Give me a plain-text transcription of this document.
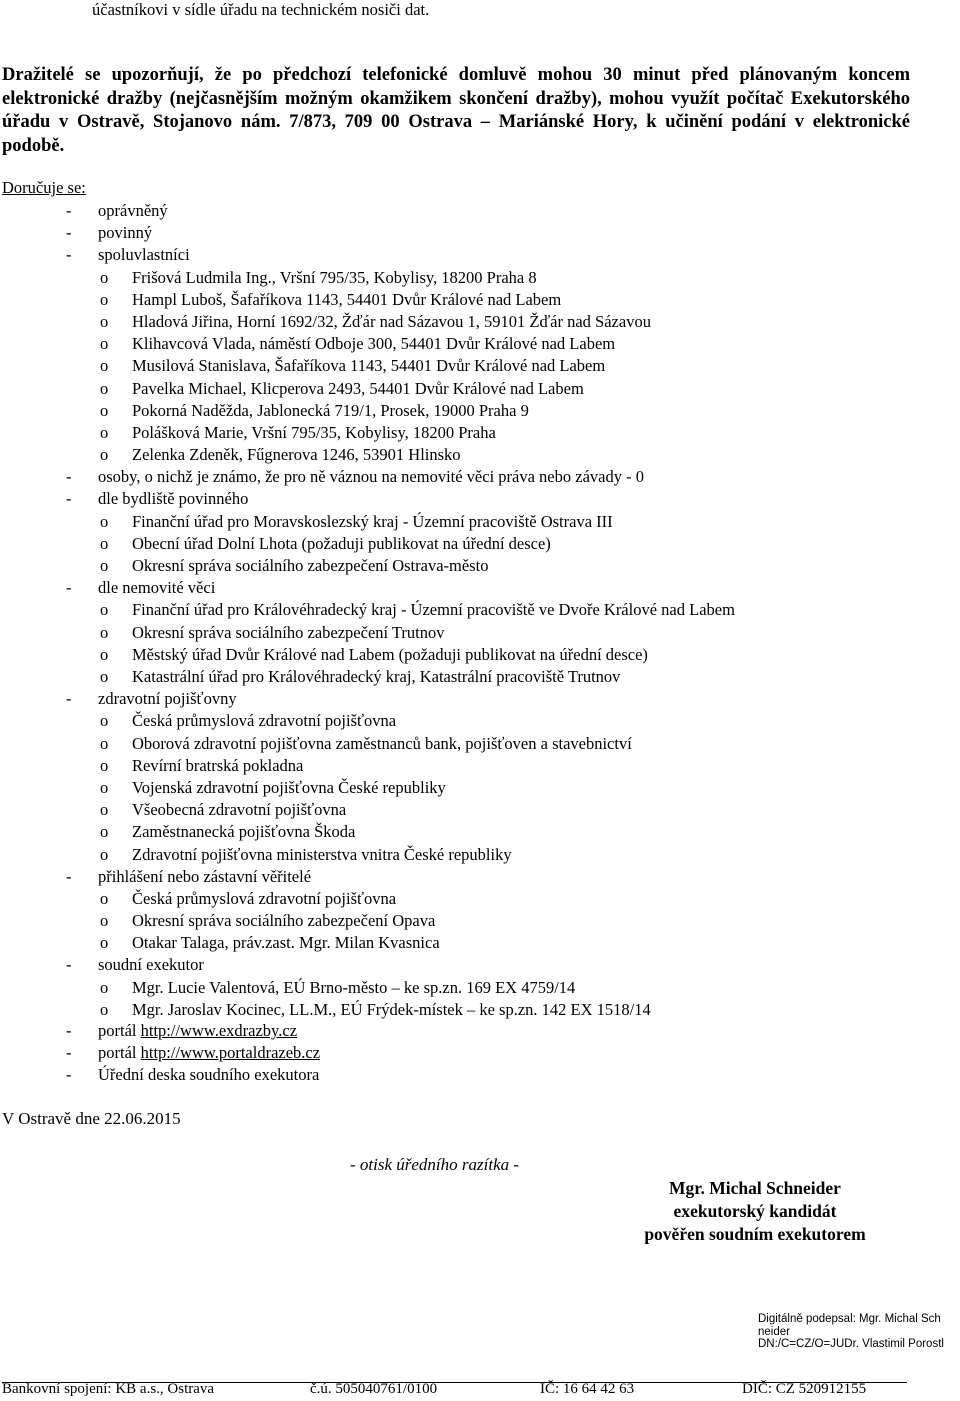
účastníkovi v sídle úřadu na technickém nosiči dat.
Dražitelé se upozorňují, že po předchozí telefonické domluvě mohou 30 minut před plánovaným koncem elektronické dražby (nejčasnějším možným okamžikem skončení dražby), mohou využít počítač Exekutorského úřadu v Ostravě, Stojanovo nám. 7/873, 709 00 Ostrava – Mariánské Hory, k učinění podání v elektronické podobě.
Doručuje se:
- oprávněný
- povinný
- spoluvlastníci
o Frišová Ludmila Ing., Vršní 795/35, Kobylisy, 18200 Praha 8
o Hampl Luboš, Šafaříkova 1143, 54401 Dvůr Králové nad Labem
o Hladová Jiřina, Horní 1692/32, Žďár nad Sázavou 1, 59101 Žďár nad Sázavou
o Klihavcová Vlada, náměstí Odboje 300, 54401 Dvůr Králové nad Labem
o Musilová Stanislava, Šafaříkova 1143, 54401 Dvůr Králové nad Labem
o Pavelka Michael, Klicperova 2493, 54401 Dvůr Králové nad Labem
o Pokorná Naděžda, Jablonecká 719/1, Prosek, 19000 Praha 9
o Polášková Marie, Vršní 795/35, Kobylisy, 18200 Praha
o Zelenka Zdeněk, Fűgnerova 1246, 53901 Hlinsko
- osoby, o nichž je známo, že pro ně váznou na nemovité věci práva nebo závady - 0
- dle bydliště povinného
o Finanční úřad pro Moravskoslezský kraj - Územní pracoviště Ostrava III
o Obecní úřad Dolní Lhota (požaduji publikovat na úřední desce)
o Okresní správa sociálního zabezpečení Ostrava-město
- dle nemovité věci
o Finanční úřad pro Královéhradecký kraj - Územní pracoviště ve Dvoře Králové nad Labem
o Okresní správa sociálního zabezpečení Trutnov
o Městský úřad Dvůr Králové nad Labem (požaduji publikovat na úřední desce)
o Katastrální úřad pro Královéhradecký kraj, Katastrální pracoviště Trutnov
- zdravotní pojišťovny
o Česká průmyslová zdravotní pojišťovna
o Oborová zdravotní pojišťovna zaměstnanců bank, pojišťoven a stavebnictví
o Revírní bratrská pokladna
o Vojenská zdravotní pojišťovna České republiky
o Všeobecná zdravotní pojišťovna
o Zaměstnanecká pojišťovna Škoda
o Zdravotní pojišťovna ministerstva vnitra České republiky
- přihlášení nebo zástavní věřitelé
o Česká průmyslová zdravotní pojišťovna
o Okresní správa sociálního zabezpečení Opava
o Otakar Talaga, práv.zast. Mgr. Milan Kvasnica
- soudní exekutor
o Mgr. Lucie Valentová, EÚ Brno-město – ke sp.zn. 169 EX 4759/14
o Mgr. Jaroslav Kocinec, LL.M., EÚ Frýdek-místek – ke sp.zn. 142 EX 1518/14
- portál http://www.exdrazby.cz
- portál http://www.portaldrazeb.cz
- Úřední deska soudního exekutora
V Ostravě dne 22.06.2015
- otisk úředního razítka -
Mgr. Michal Schneider
exekutorský kandidát
pověřen soudním exekutorem
Digitálně podepsal: Mgr. Michal Sch
neider
DN:/C=CZ/O=JUDr. Vlastimil Porostl
Bankovní spojení: KB a.s., Ostrava	č.ú. 505040761/0100	IČ: 16 64 42 63	DIČ: CZ 520912155
